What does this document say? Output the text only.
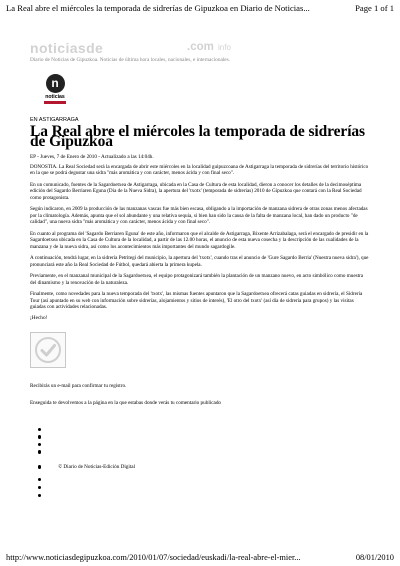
La Real abre el miércoles la temporada de sidrerías de Gipuzkoa en Diario de Noticias...	Page 1 of 1
noticiasde	.com info
Diario de Noticias de Gipuzkoa. Noticias de última hora locales, nacionales, e internacionales.
n
noticias
EN ASTIGARRAGA
La Real abre el miércoles la temporada de sidrerías de Gipuzkoa
EP - Jueves, 7 de Enero de 2010 - Actualizado a las 14:04h.

DONOSTIA. La Real Sociedad será la encargada de abrir este miércoles en la localidad guipuzcoana de Astigarraga la temporada de sidrerías del territorio histórico en la que se podrá degustar una sidra "más aromática y con carácter, menos ácida y con final seco".

En un comunicado, fuentes de la Sagardoetxea de Astigarraga, ubicada en la Casa de Cultura de esta localidad, dieron a conocer los detalles de la decimoséptima edición del Sagardo Berriaren Eguna (Día de la Nueva Sidra), la apertura del 'txotx' (temporada de sidrerías) 2010 de Gipuzkoa que contará con la Real Sociedad como protagonista.

Según indicaron, en 2009 la producción de las manzanas vascas fue más bien escasa, obligando a la importación de manzana sidrera de otras zonas menos afectadas por la climatología. Además, apunta que el sol abundante y una relativa sequía, si bien han sido la causa de la falta de manzana local, han dado un producto "de calidad", una nueva sidra "más aromática y con carácter, menos ácida y con final seco".

En cuanto al programa del 'Sagardo Berriaren Eguna' de este año, informaron que el alcalde de Astigarraga, Bixente Arrizabalaga, será el encargado de presidir en la Sagardoetxea ubicada en la Casa de Cultura de la localidad, a partir de las 12.00 horas, el anuncio de esta nueva cosecha y la descripción de las cualidades de la manzana y de la nueva sidra, así como los acontecimientos más importantes del mundo sagardogile.

A continuación, tendrá lugar, en la sidrería Petritegi del municipio, la apertura del 'txotx', cuando tras el anuncio de 'Gure Sagardo Berria' (Nuestra nueva sidra'), que pronunciará este año la Real Sociedad de Fútbol, quedará abierta la primera kupela.

Previamente, en el manzanal municipal de la Sagardoetxea, el equipo protagonizará también la plantación de un manzano nuevo, en acto simbólico como muestra del dinamismo y la renovación de la naturaleza.

Finalmente, como novedades para la nueva temporada del 'txotx', las mismas fuentes apuntaron que la Sagardoetxea ofrecerá catas guiadas en sidrería, el Sidrería Tour (así apuntado en su web con información sobre sidrerías, alojamientos y sitios de interés), 'El otro del txotx' (así día de sidrería para grupos) y las visitas guiadas con actividades relacionadas.

¡Hecho!
Recibirás un e-mail para confirmar tu registro.
Enseguida te devolvemos a la página en la que estabas donde verás tu comentario publicado
© Diario de Noticias-Edición Digital
http://www.noticiasdegipuzkoa.com/2010/01/07/sociedad/euskadi/la-real-abre-el-mier...	08/01/2010
